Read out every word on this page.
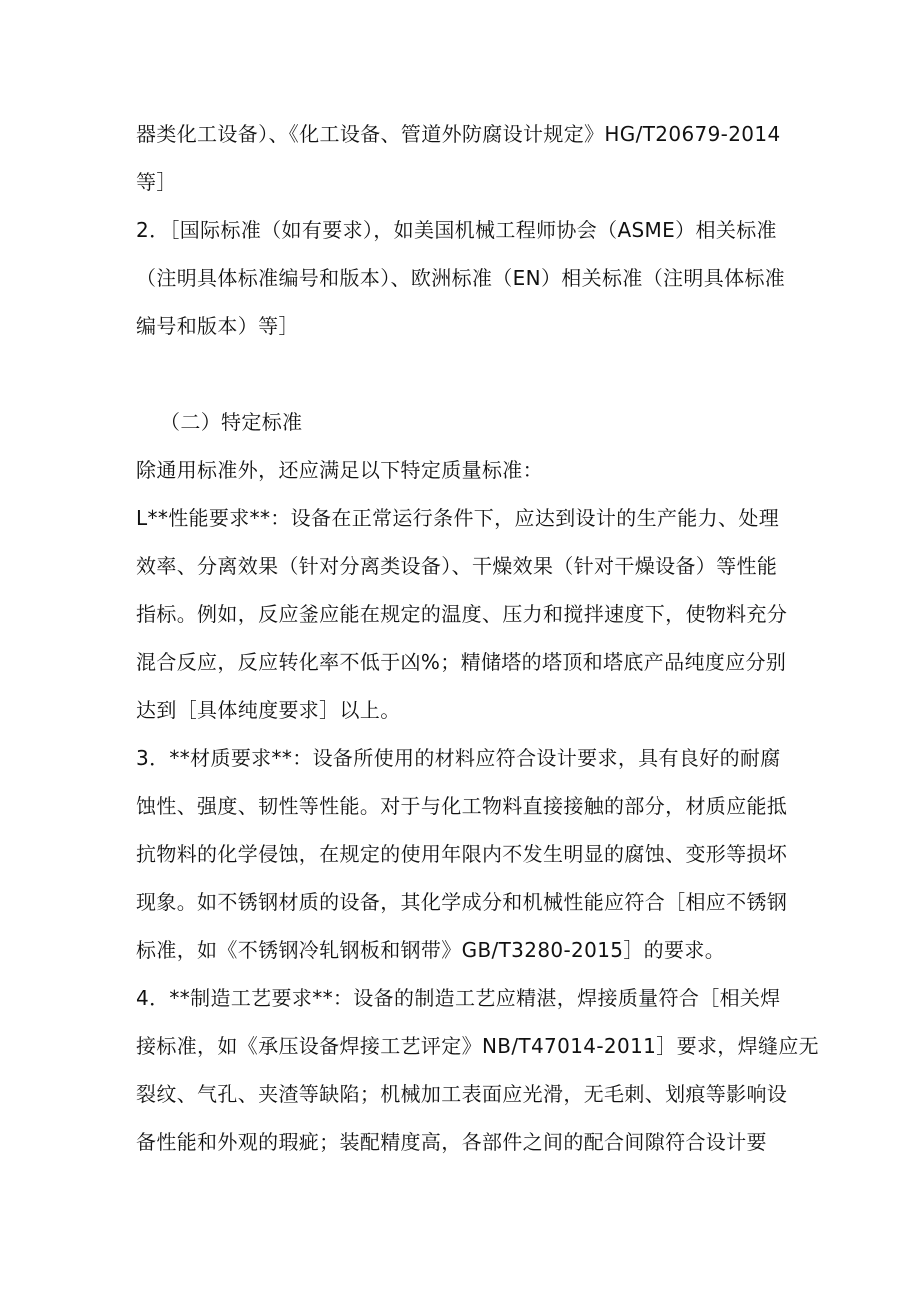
器类化工设备）、《化工设备、管道外防腐设计规定》HG/T20679-2014
等］
2．［国际标准（如有要求），如美国机械工程师协会（ASME）相关标准
（注明具体标准编号和版本）、欧洲标准（EN）相关标准（注明具体标准
编号和版本）等］
（二）特定标准
除通用标准外，还应满足以下特定质量标准：
L**性能要求**：设备在正常运行条件下，应达到设计的生产能力、处理
效率、分离效果（针对分离类设备）、干燥效果（针对干燥设备）等性能
指标。例如，反应釜应能在规定的温度、压力和搅拌速度下，使物料充分
混合反应，反应转化率不低于凶%；精储塔的塔顶和塔底产品纯度应分别
达到［具体纯度要求］以上。
3．**材质要求**：设备所使用的材料应符合设计要求，具有良好的耐腐
蚀性、强度、韧性等性能。对于与化工物料直接接触的部分，材质应能抵
抗物料的化学侵蚀，在规定的使用年限内不发生明显的腐蚀、变形等损坏
现象。如不锈钢材质的设备，其化学成分和机械性能应符合［相应不锈钢
标准，如《不锈钢冷轧钢板和钢带》GB/T3280-2015］的要求。
4．**制造工艺要求**：设备的制造工艺应精湛，焊接质量符合［相关焊
接标准，如《承压设备焊接工艺评定》NB/T47014-2011］要求，焊缝应无
裂纹、气孔、夹渣等缺陷；机械加工表面应光滑，无毛刺、划痕等影响设
备性能和外观的瑕疵；装配精度高，各部件之间的配合间隙符合设计要
